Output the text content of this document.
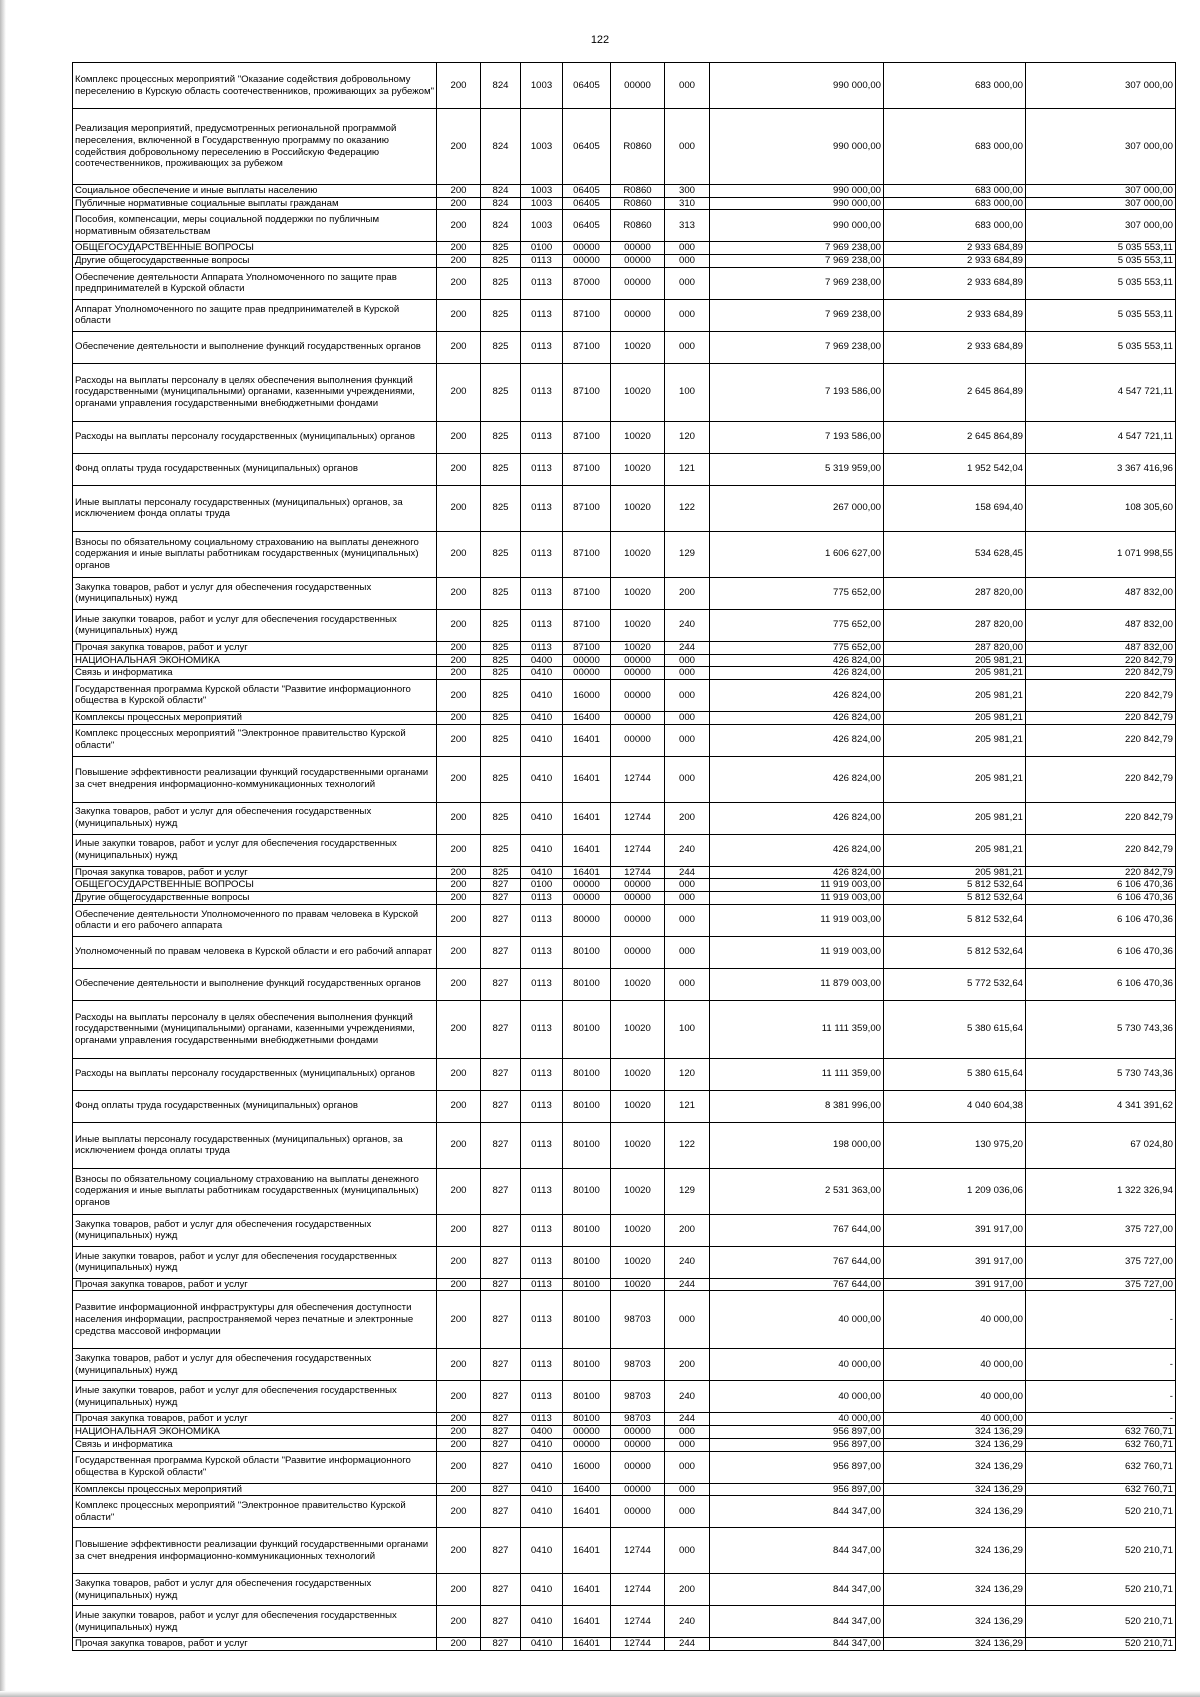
122
Комплекс процессных мероприятий "Оказание содействия добровольному переселению в Курскую область соотечественников, проживающих за рубежом"	200	824	1003	06405	00000	000	990 000,00	683 000,00	307 000,00
Реализация мероприятий, предусмотренных региональной программой переселения, включенной в Государственную программу по оказанию содействия добровольному переселению в Российскую Федерацию соотечественников, проживающих за рубежом	200	824	1003	06405	R0860	000	990 000,00	683 000,00	307 000,00
Социальное обеспечение и иные выплаты населению	200	824	1003	06405	R0860	300	990 000,00	683 000,00	307 000,00
Публичные нормативные социальные выплаты гражданам	200	824	1003	06405	R0860	310	990 000,00	683 000,00	307 000,00
Пособия, компенсации, меры социальной поддержки по публичным нормативным обязательствам	200	824	1003	06405	R0860	313	990 000,00	683 000,00	307 000,00
ОБЩЕГОСУДАРСТВЕННЫЕ ВОПРОСЫ	200	825	0100	00000	00000	000	7 969 238,00	2 933 684,89	5 035 553,11
Другие общегосударственные вопросы	200	825	0113	00000	00000	000	7 969 238,00	2 933 684,89	5 035 553,11
Обеспечение деятельности Аппарата Уполномоченного по защите прав предпринимателей в Курской области	200	825	0113	87000	00000	000	7 969 238,00	2 933 684,89	5 035 553,11
Аппарат Уполномоченного по защите прав предпринимателей в Курской области	200	825	0113	87100	00000	000	7 969 238,00	2 933 684,89	5 035 553,11
Обеспечение деятельности и выполнение функций государственных органов	200	825	0113	87100	10020	000	7 969 238,00	2 933 684,89	5 035 553,11
Расходы на выплаты персоналу в целях обеспечения выполнения функций государственными (муниципальными) органами, казенными учреждениями, органами управления государственными внебюджетными фондами	200	825	0113	87100	10020	100	7 193 586,00	2 645 864,89	4 547 721,11
Расходы на выплаты персоналу государственных (муниципальных) органов	200	825	0113	87100	10020	120	7 193 586,00	2 645 864,89	4 547 721,11
Фонд оплаты труда государственных (муниципальных) органов	200	825	0113	87100	10020	121	5 319 959,00	1 952 542,04	3 367 416,96
Иные выплаты персоналу государственных (муниципальных) органов, за исключением фонда оплаты труда	200	825	0113	87100	10020	122	267 000,00	158 694,40	108 305,60
Взносы по обязательному социальному страхованию на выплаты денежного содержания и иные выплаты работникам государственных (муниципальных) органов	200	825	0113	87100	10020	129	1 606 627,00	534 628,45	1 071 998,55
Закупка товаров, работ и услуг для обеспечения государственных (муниципальных) нужд	200	825	0113	87100	10020	200	775 652,00	287 820,00	487 832,00
Иные закупки товаров, работ и услуг для обеспечения государственных (муниципальных) нужд	200	825	0113	87100	10020	240	775 652,00	287 820,00	487 832,00
Прочая закупка товаров, работ и услуг	200	825	0113	87100	10020	244	775 652,00	287 820,00	487 832,00
НАЦИОНАЛЬНАЯ ЭКОНОМИКА	200	825	0400	00000	00000	000	426 824,00	205 981,21	220 842,79
Связь и информатика	200	825	0410	00000	00000	000	426 824,00	205 981,21	220 842,79
Государственная программа Курской области "Развитие информационного общества в Курской области"	200	825	0410	16000	00000	000	426 824,00	205 981,21	220 842,79
Комплексы процессных мероприятий	200	825	0410	16400	00000	000	426 824,00	205 981,21	220 842,79
Комплекс процессных мероприятий "Электронное правительство Курской области"	200	825	0410	16401	00000	000	426 824,00	205 981,21	220 842,79
Повышение эффективности реализации функций государственными органами за счет внедрения информационно-коммуникационных технологий	200	825	0410	16401	12744	000	426 824,00	205 981,21	220 842,79
Закупка товаров, работ и услуг для обеспечения государственных (муниципальных) нужд	200	825	0410	16401	12744	200	426 824,00	205 981,21	220 842,79
Иные закупки товаров, работ и услуг для обеспечения государственных (муниципальных) нужд	200	825	0410	16401	12744	240	426 824,00	205 981,21	220 842,79
Прочая закупка товаров, работ и услуг	200	825	0410	16401	12744	244	426 824,00	205 981,21	220 842,79
ОБЩЕГОСУДАРСТВЕННЫЕ ВОПРОСЫ	200	827	0100	00000	00000	000	11 919 003,00	5 812 532,64	6 106 470,36
Другие общегосударственные вопросы	200	827	0113	00000	00000	000	11 919 003,00	5 812 532,64	6 106 470,36
Обеспечение деятельности Уполномоченного по правам человека в Курской области и его рабочего аппарата	200	827	0113	80000	00000	000	11 919 003,00	5 812 532,64	6 106 470,36
Уполномоченный по правам человека в Курской области и его рабочий аппарат	200	827	0113	80100	00000	000	11 919 003,00	5 812 532,64	6 106 470,36
Обеспечение деятельности и выполнение функций государственных органов	200	827	0113	80100	10020	000	11 879 003,00	5 772 532,64	6 106 470,36
Расходы на выплаты персоналу в целях обеспечения выполнения функций государственными (муниципальными) органами, казенными учреждениями, органами управления государственными внебюджетными фондами	200	827	0113	80100	10020	100	11 111 359,00	5 380 615,64	5 730 743,36
Расходы на выплаты персоналу государственных (муниципальных) органов	200	827	0113	80100	10020	120	11 111 359,00	5 380 615,64	5 730 743,36
Фонд оплаты труда государственных (муниципальных) органов	200	827	0113	80100	10020	121	8 381 996,00	4 040 604,38	4 341 391,62
Иные выплаты персоналу государственных (муниципальных) органов, за исключением фонда оплаты труда	200	827	0113	80100	10020	122	198 000,00	130 975,20	67 024,80
Взносы по обязательному социальному страхованию на выплаты денежного содержания и иные выплаты работникам государственных (муниципальных) органов	200	827	0113	80100	10020	129	2 531 363,00	1 209 036,06	1 322 326,94
Закупка товаров, работ и услуг для обеспечения государственных (муниципальных) нужд	200	827	0113	80100	10020	200	767 644,00	391 917,00	375 727,00
Иные закупки товаров, работ и услуг для обеспечения государственных (муниципальных) нужд	200	827	0113	80100	10020	240	767 644,00	391 917,00	375 727,00
Прочая закупка товаров, работ и услуг	200	827	0113	80100	10020	244	767 644,00	391 917,00	375 727,00
Развитие информационной инфраструктуры для обеспечения доступности населения информации, распространяемой через печатные и электронные средства массовой информации	200	827	0113	80100	98703	000	40 000,00	40 000,00	-
Закупка товаров, работ и услуг для обеспечения государственных (муниципальных) нужд	200	827	0113	80100	98703	200	40 000,00	40 000,00	-
Иные закупки товаров, работ и услуг для обеспечения государственных (муниципальных) нужд	200	827	0113	80100	98703	240	40 000,00	40 000,00	-
Прочая закупка товаров, работ и услуг	200	827	0113	80100	98703	244	40 000,00	40 000,00	-
НАЦИОНАЛЬНАЯ ЭКОНОМИКА	200	827	0400	00000	00000	000	956 897,00	324 136,29	632 760,71
Связь и информатика	200	827	0410	00000	00000	000	956 897,00	324 136,29	632 760,71
Государственная программа Курской области "Развитие информационного общества в Курской области"	200	827	0410	16000	00000	000	956 897,00	324 136,29	632 760,71
Комплексы процессных мероприятий	200	827	0410	16400	00000	000	956 897,00	324 136,29	632 760,71
Комплекс процессных мероприятий "Электронное правительство Курской области"	200	827	0410	16401	00000	000	844 347,00	324 136,29	520 210,71
Повышение эффективности реализации функций государственными органами за счет внедрения информационно-коммуникационных технологий	200	827	0410	16401	12744	000	844 347,00	324 136,29	520 210,71
Закупка товаров, работ и услуг для обеспечения государственных (муниципальных) нужд	200	827	0410	16401	12744	200	844 347,00	324 136,29	520 210,71
Иные закупки товаров, работ и услуг для обеспечения государственных (муниципальных) нужд	200	827	0410	16401	12744	240	844 347,00	324 136,29	520 210,71
Прочая закупка товаров, работ и услуг	200	827	0410	16401	12744	244	844 347,00	324 136,29	520 210,71
